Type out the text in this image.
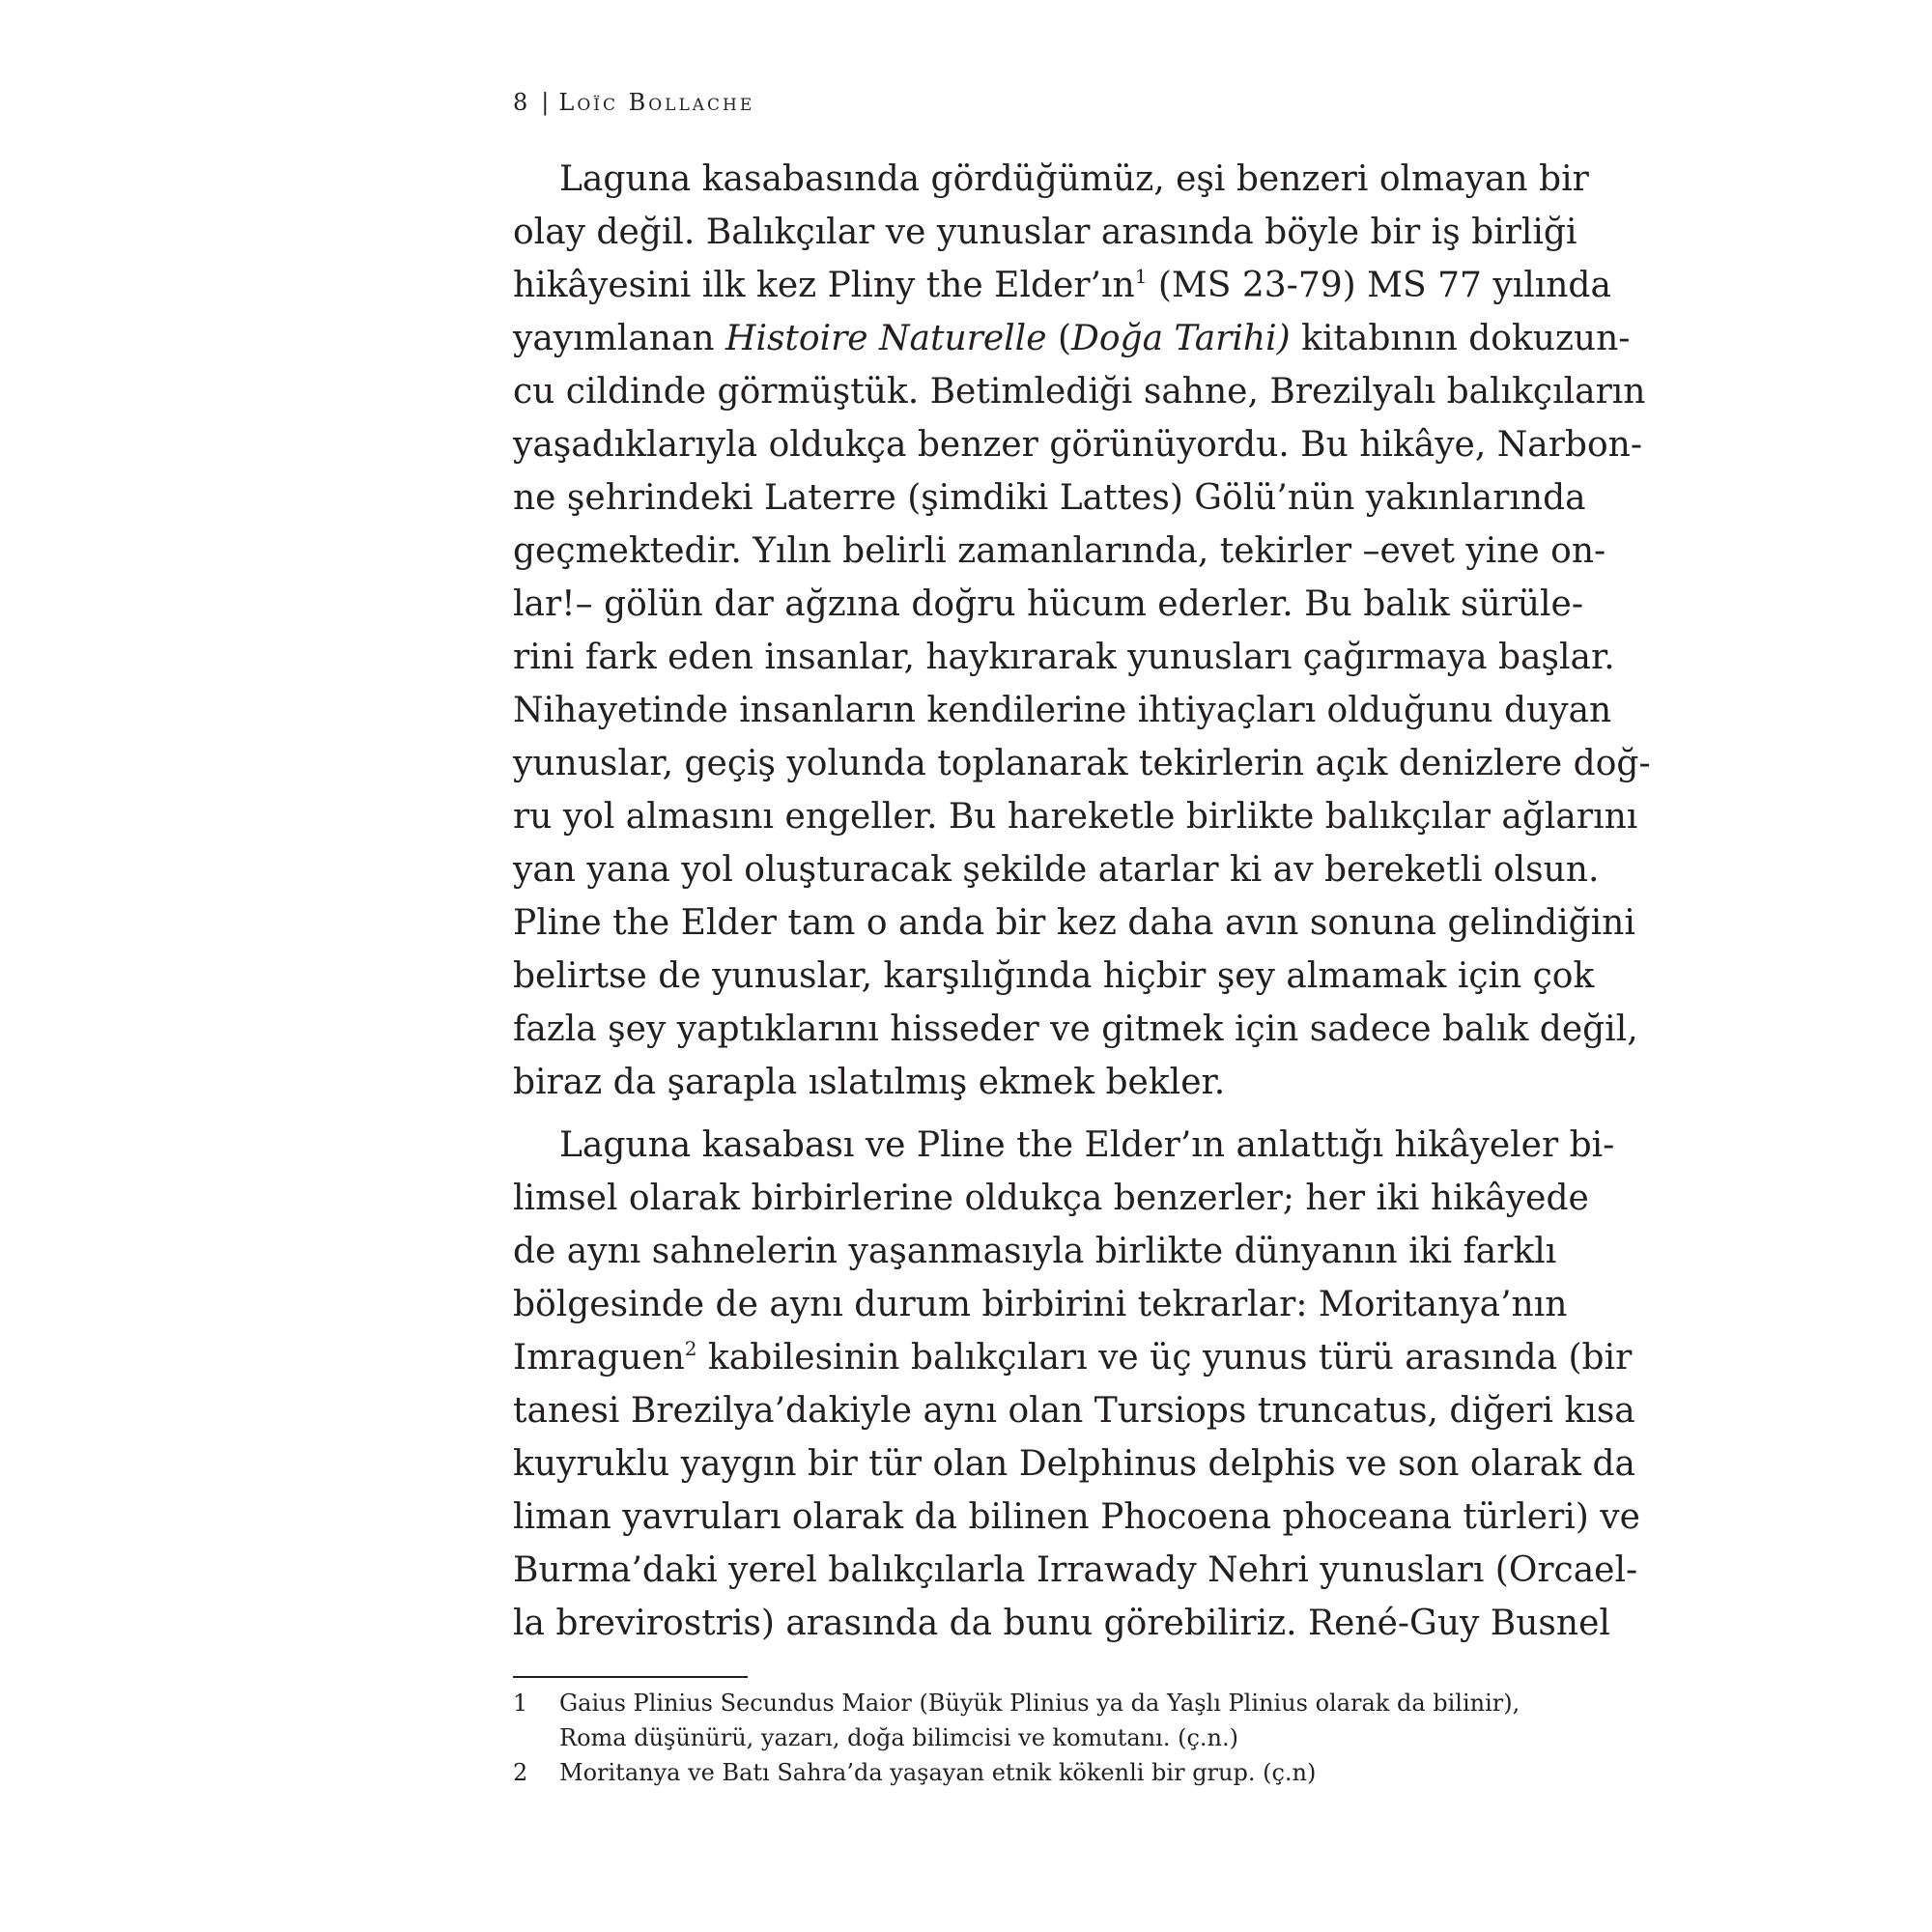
8 | Loïc Bollache

Laguna kasabasında gördüğümüz, eşi benzeri olmayan bir
olay değil. Balıkçılar ve yunuslar arasında böyle bir iş birliği
hikâyesini ilk kez Pliny the $Elder’ın^1$ (MS 23-79) MS 77 yılında
yayımlanan Histoire Naturelle (Doğa Tarihi) kitabının dokuzun-
cu cildinde görmüştük. Betimlediği sahne, Brezilyalı balıkçıların
yaşadıklarıyla oldukça benzer görünüyordu. Bu hikâye, Narbon-
ne şehrindeki Laterre (şimdiki Lattes) Gölü’nün yakınlarında
geçmektedir. Yılın belirli zamanlarında, tekirler –evet yine on-
lar!– gölün dar ağzına doğru hücum ederler. Bu balık sürüle-
rini fark eden insanlar, haykırarak yunusları çağırmaya başlar.
Nihayetinde insanların kendilerine ihtiyaçları olduğunu duyan
yunuslar, geçiş yolunda toplanarak tekirlerin açık denizlere doğ-
ru yol almasını engeller. Bu hareketle birlikte balıkçılar ağlarını
yan yana yol oluşturacak şekilde atarlar ki av bereketli olsun.
Pline the Elder tam o anda bir kez daha avın sonuna gelindiğini
belirtse de yunuslar, karşılığında hiçbir şey almamak için çok
fazla şey yaptıklarını hisseder ve gitmek için sadece balık değil,
biraz da şarapla ıslatılmış ekmek bekler.

Laguna kasabası ve Pline the Elder’ın anlattığı hikâyeler bi-
limsel olarak birbirlerine oldukça benzerler; her iki hikâyede
de aynı sahnelerin yaşanmasıyla birlikte dünyanın iki farklı
bölgesinde de aynı durum birbirini tekrarlar: Moritanya’nın
Imraguen$^2$ kabilesinin balıkçıları ve üç yunus türü arasında (bir
tanesi Brezilya’dakiyle aynı olan Tursiops truncatus, diğeri kısa
kuyruklu yaygın bir tür olan Delphinus delphis ve son olarak da
liman yavruları olarak da bilinen Phocoena phoceana türleri) ve
Burma’daki yerel balıkçılarla Irrawady Nehri yunusları (Orcael-
la brevirostris) arasında da bunu görebiliriz. René-Guy Busnel

1	Gaius Plinius Secundus Maior (Büyük Plinius ya da Yaşlı Plinius olarak da bilinir),
Roma düşünürü, yazarı, doğa bilimcisi ve komutanı. (ç.n.)
2	Moritanya ve Batı Sahra’da yaşayan etnik kökenli bir grup. (ç.n)
